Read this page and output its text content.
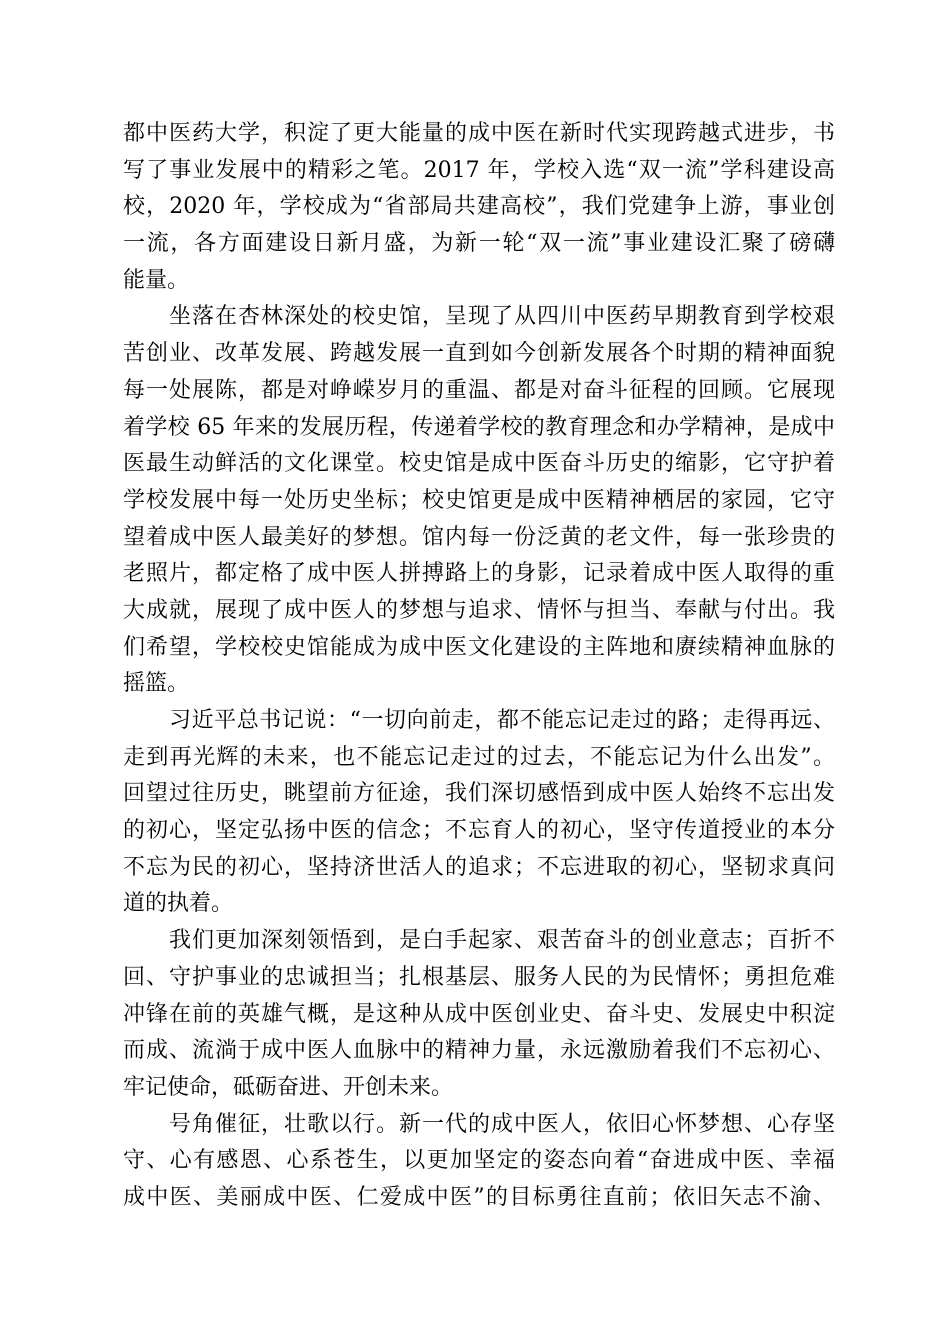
都中医药大学，积淀了更大能量的成中医在新时代实现跨越式进步，书
写了事业发展中的精彩之笔。2017 年，学校入选“双一流”学科建设高
校，2020 年，学校成为“省部局共建高校”，我们党建争上游，事业创
一流，各方面建设日新月盛，为新一轮“双一流”事业建设汇聚了磅礴
能量。
坐落在杏林深处的校史馆，呈现了从四川中医药早期教育到学校艰
苦创业、改革发展、跨越发展一直到如今创新发展各个时期的精神面貌
每一处展陈，都是对峥嵘岁月的重温、都是对奋斗征程的回顾。它展现
着学校 65 年来的发展历程，传递着学校的教育理念和办学精神，是成中
医最生动鲜活的文化课堂。校史馆是成中医奋斗历史的缩影，它守护着
学校发展中每一处历史坐标；校史馆更是成中医精神栖居的家园，它守
望着成中医人最美好的梦想。馆内每一份泛黄的老文件，每一张珍贵的
老照片，都定格了成中医人拼搏路上的身影，记录着成中医人取得的重
大成就，展现了成中医人的梦想与追求、情怀与担当、奉献与付出。我
们希望，学校校史馆能成为成中医文化建设的主阵地和赓续精神血脉的
摇篮。
习近平总书记说：“一切向前走，都不能忘记走过的路；走得再远、
走到再光辉的未来，也不能忘记走过的过去，不能忘记为什么出发”。
回望过往历史，眺望前方征途，我们深切感悟到成中医人始终不忘出发
的初心，坚定弘扬中医的信念；不忘育人的初心，坚守传道授业的本分
不忘为民的初心，坚持济世活人的追求；不忘进取的初心，坚韧求真问
道的执着。
我们更加深刻领悟到，是白手起家、艰苦奋斗的创业意志；百折不
回、守护事业的忠诚担当；扎根基层、服务人民的为民情怀；勇担危难
冲锋在前的英雄气概，是这种从成中医创业史、奋斗史、发展史中积淀
而成、流淌于成中医人血脉中的精神力量，永远激励着我们不忘初心、
牢记使命，砥砺奋进、开创未来。
号角催征，壮歌以行。新一代的成中医人，依旧心怀梦想、心存坚
守、心有感恩、心系苍生，以更加坚定的姿态向着“奋进成中医、幸福
成中医、美丽成中医、仁爱成中医”的目标勇往直前；依旧矢志不渝、
